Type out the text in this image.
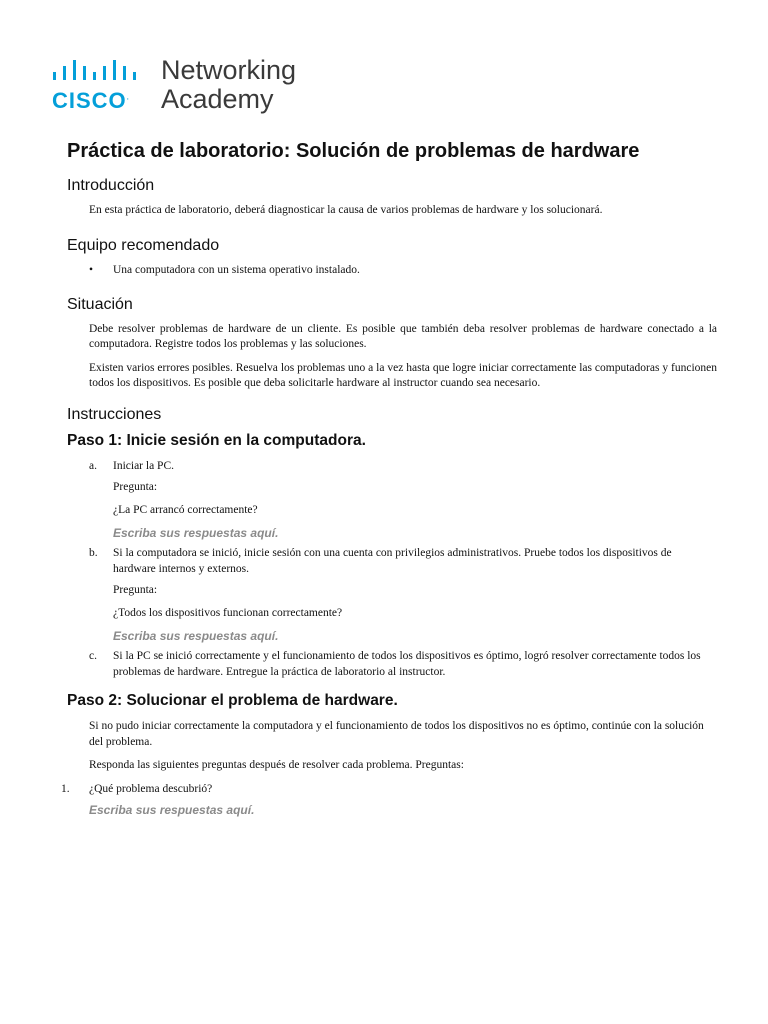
CISCO.
Networking
Academy
Práctica de laboratorio: Solución de problemas de hardware
Introducción
En esta práctica de laboratorio, deberá diagnosticar la causa de varios problemas de hardware y los solucionará.
Equipo recomendado
•	Una computadora con un sistema operativo instalado.
Situación
Debe resolver problemas de hardware de un cliente. Es posible que también deba resolver problemas de hardware conectado a la computadora. Registre todos los problemas y las soluciones.
Existen varios errores posibles. Resuelva los problemas uno a la vez hasta que logre iniciar correctamente las computadoras y funcionen todos los dispositivos. Es posible que deba solicitarle hardware al instructor cuando sea necesario.
Instrucciones
Paso 1: Inicie sesión en la computadora.
a.	Iniciar la PC.
Pregunta:
¿La PC arrancó correctamente?
Escriba sus respuestas aquí.
b.	Si la computadora se inició, inicie sesión con una cuenta con privilegios administrativos. Pruebe todos los dispositivos de hardware internos y externos.
Pregunta:
¿Todos los dispositivos funcionan correctamente?
Escriba sus respuestas aquí.
c.	Si la PC se inició correctamente y el funcionamiento de todos los dispositivos es óptimo, logró resolver correctamente todos los problemas de hardware. Entregue la práctica de laboratorio al instructor.
Paso 2: Solucionar el problema de hardware.
Si no pudo iniciar correctamente la computadora y el funcionamiento de todos los dispositivos no es óptimo, continúe con la solución del problema.
Responda las siguientes preguntas después de resolver cada problema. Preguntas:
1.	¿Qué problema descubrió?
Escriba sus respuestas aquí.
